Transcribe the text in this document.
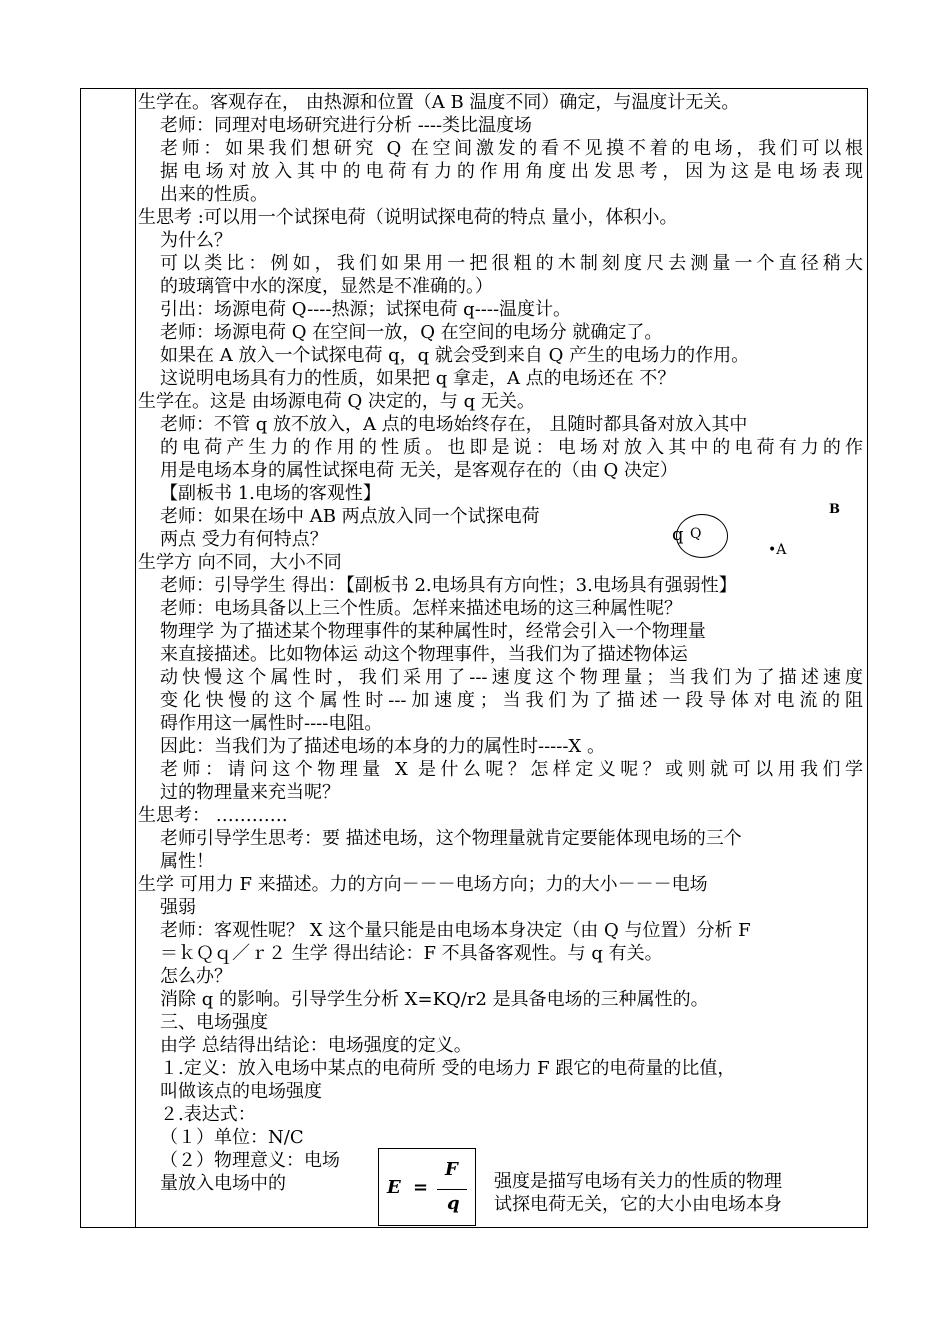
生学在。客观存在， 由热源和位置（A B 温度不同）确定，与温度计无关。
老师：同理对电场研究进行分析 ----类比温度场
老师：如果我们想研究 Q 在空间激发的看不见摸不着的电场，我们可以根
据电场对放入其中的电荷有力的作用角度出发思考，因为这是电场表现
出来的性质。
生思考 :可以用一个试探电荷（说明试探电荷的特点 量小，体积小。
为什么？
可以类比：例如，我们如果用一把很粗的木制刻度尺去测量一个直径稍大
的玻璃管中水的深度，显然是不准确的。）
引出：场源电荷 Q----热源；试探电荷 q----温度计。
老师：场源电荷 Q 在空间一放，Q 在空间的电场分 就确定了。
如果在 A 放入一个试探电荷 q，q 就会受到来自 Q 产生的电场力的作用。
这说明电场具有力的性质，如果把 q 拿走，A 点的电场还在 不？
生学在。这是 由场源电荷 Q 决定的，与 q 无关。
老师：不管 q 放不放入，A 点的电场始终存在， 且随时都具备对放入其中
的电荷产生力的作用的性质。也即是说：电场对放入其中的电荷有力的作
用是电场本身的属性试探电荷 无关，是客观存在的（由 Q 决定）
【副板书 1.电场的客观性】
老师：如果在场中 AB 两点放入同一个试探电荷
两点 受力有何特点？
生学方 向不同，大小不同
老师：引导学生 得出：【副板书 2.电场具有方向性；3.电场具有强弱性】
老师：电场具备以上三个性质。怎样来描述电场的这三种属性呢？
物理学 为了描述某个物理事件的某种属性时，经常会引入一个物理量
来直接描述。比如物体运 动这个物理事件，当我们为了描述物体运
动快慢这个属性时，我们采用了---速度这个物理量；当我们为了描述速度
变化快慢的这个属性时---加速度；当我们为了描述一段导体对电流的阻
碍作用这一属性时----电阻。
因此：当我们为了描述电场的本身的力的属性时-----X 。
老师：请问这个物理量 X 是什么呢？怎样定义呢？或则就可以用我们学
过的物理量来充当呢？
生思考： …………
老师引导学生思考：要 描述电场，这个物理量就肯定要能体现电场的三个
属性！
生学 可用力 F 来描述。力的方向－－－电场方向；力的大小－－－电场
强弱
老师：客观性呢？ X 这个量只能是由电场本身决定（由 Q 与位置）分析 F
＝ｋＱｑ／ｒ２ 生学 得出结论：F 不具备客观性。与 q 有关。
怎么办？
消除 q 的影响。引导学生分析 X=KQ/r2 是具备电场的三种属性的。
三、电场强度
由学 总结得出结论：电场强度的定义。
１.定义：放入电场中某点的电荷所 受的电场力 F 跟它的电荷量的比值，
叫做该点的电场强度
２.表达式：
（１）单位：N/C
（２）物理意义：电场
量放入电场中的
q Q
B
•A
E =
F
q
强度是描写电场有关力的性质的物理
试探电荷无关，它的大小由电场本身
